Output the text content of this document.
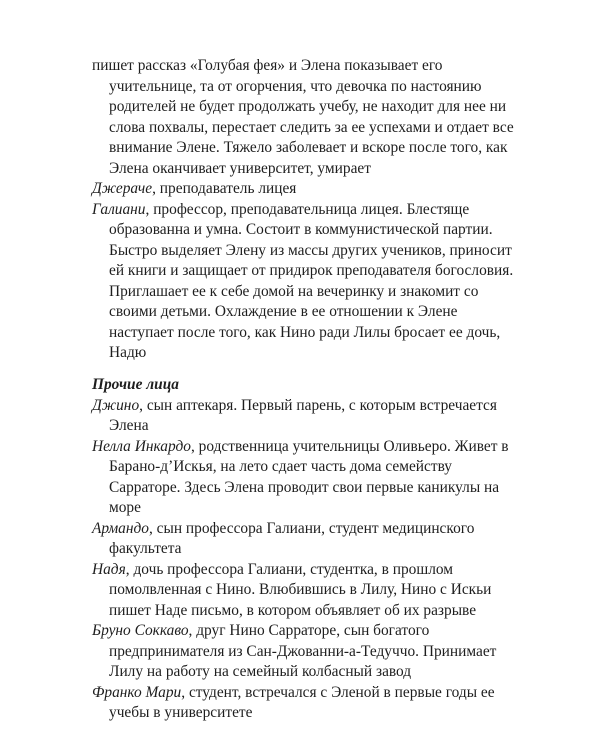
пишет рассказ «Голубая фея» и Элена показывает его учительнице, та от огорчения, что девочка по настоянию родителей не будет продолжать учебу, не находит для нее ни слова похвалы, перестает следить за ее успехами и отдает все внимание Элене. Тяжело заболевает и вскоре после того, как Элена оканчивает университет, умирает

Джераче, преподаватель лицея

Галиани, профессор, преподавательница лицея. Блестяще образованна и умна. Состоит в коммунистической партии. Быстро выделяет Элену из массы других учеников, приносит ей книги и защищает от придирок преподавателя богословия. Приглашает ее к себе домой на вечеринку и знакомит со своими детьми. Охлаждение в ее отношении к Элене наступает после того, как Нино ради Лилы бросает ее дочь, Надю

Прочие лица

Джино, сын аптекаря. Первый парень, с которым встречается Элена

Нелла Инкардо, родственница учительницы Оливьеро. Живет в Барано-д’Искья, на лето сдает часть дома семейству Сарраторе. Здесь Элена проводит свои первые каникулы на море

Армандо, сын профессора Галиани, студент медицинского факультета

Надя, дочь профессора Галиани, студентка, в прошлом помолвленная с Нино. Влюбившись в Лилу, Нино с Искьи пишет Наде письмо, в котором объявляет об их разрыве

Бруно Соккаво, друг Нино Сарраторе, сын богатого предпринимателя из Сан-Джованни-а-Тедуччо. Принимает Лилу на работу на семейный колбасный завод

Франко Мари, студент, встречался с Эленой в первые годы ее учебы в университете
